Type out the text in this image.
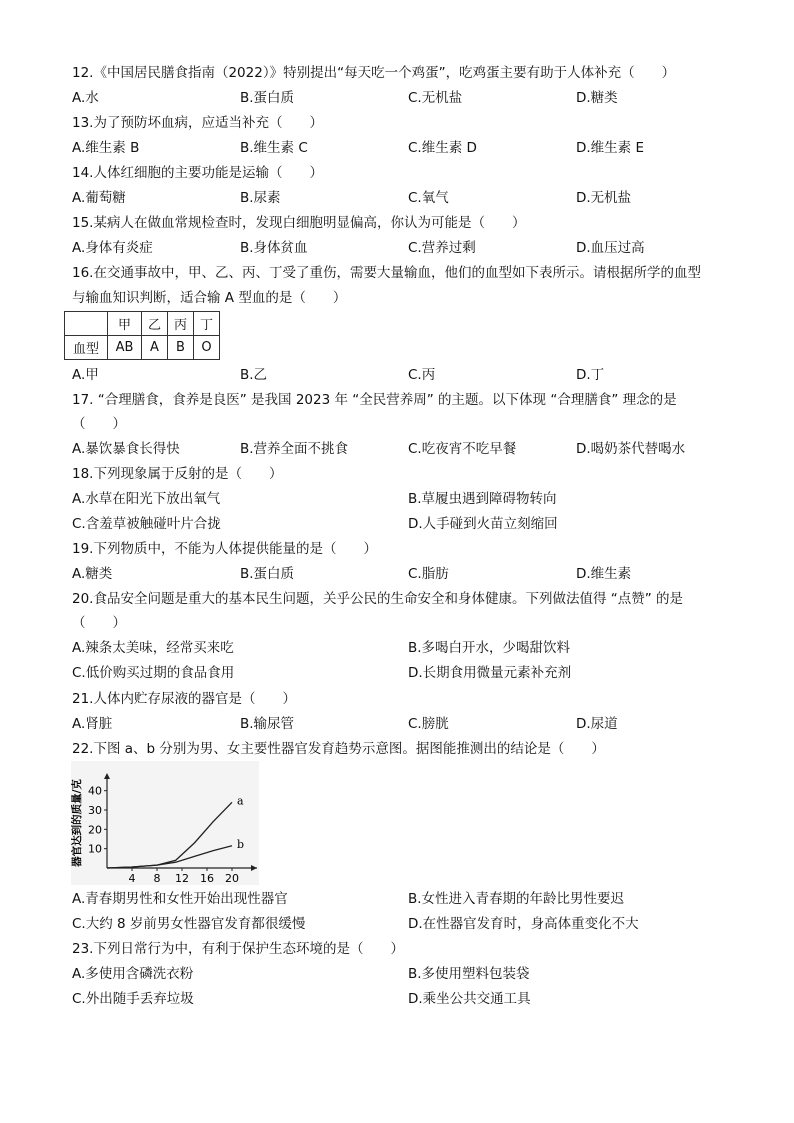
12.《中国居民膳食指南（2022）》特别提出“每天吃一个鸡蛋”，吃鸡蛋主要有助于人体补充（　　）
A.水	B.蛋白质	C.无机盐	D.糖类
13.为了预防坏血病，应适当补充（　　）
A.维生素 B	B.维生素 C	C.维生素 D	D.维生素 E
14.人体红细胞的主要功能是运输（　　）
A.葡萄糖	B.尿素	C.氧气	D.无机盐
15.某病人在做血常规检查时，发现白细胞明显偏高，你认为可能是（　　）
A.身体有炎症	B.身体贫血	C.营养过剩	D.血压过高
16.在交通事故中，甲、乙、丙、丁受了重伤，需要大量输血，他们的血型如下表所示。请根据所学的血型
与输血知识判断，适合输 A 型血的是（　　）
	甲	乙	丙	丁
血型	AB	A	B	O
A.甲	B.乙	C.丙	D.丁
17. “合理膳食，食养是良医” 是我国 2023 年 “全民营养周” 的主题。以下体现 “合理膳食” 理念的是
（　　）
A.暴饮暴食长得快	B.营养全面不挑食	C.吃夜宵不吃早餐	D.喝奶茶代替喝水
18.下列现象属于反射的是（　　）
A.水草在阳光下放出氧气	B.草履虫遇到障碍物转向
C.含羞草被触碰叶片合拢	D.人手碰到火苗立刻缩回
19.下列物质中，不能为人体提供能量的是（　　）
A.糖类	B.蛋白质	C.脂肪	D.维生素
20.食品安全问题是重大的基本民生问题，关乎公民的生命安全和身体健康。下列做法值得 “点赞” 的是
（　　）
A.辣条太美味，经常买来吃	B.多喝白开水，少喝甜饮料
C.低价购买过期的食品食用	D.长期食用微量元素补充剂
21.人体内贮存尿液的器官是（　　）
A.肾脏	B.输尿管	C.膀胱	D.尿道
22.下图 a、b 分别为男、女主要性器官发育趋势示意图。据图能推测出的结论是（　　）
器官达到的质量/克 10
20
30
40
4 8 12 16 20
a
b
A.青春期男性和女性开始出现性器官	B.女性进入青春期的年龄比男性要迟
C.大约 8 岁前男女性器官发育都很缓慢	D.在性器官发育时，身高体重变化不大
23.下列日常行为中，有利于保护生态环境的是（　　）
A.多使用含磷洗衣粉	B.多使用塑料包装袋
C.外出随手丢弃垃圾	D.乘坐公共交通工具
